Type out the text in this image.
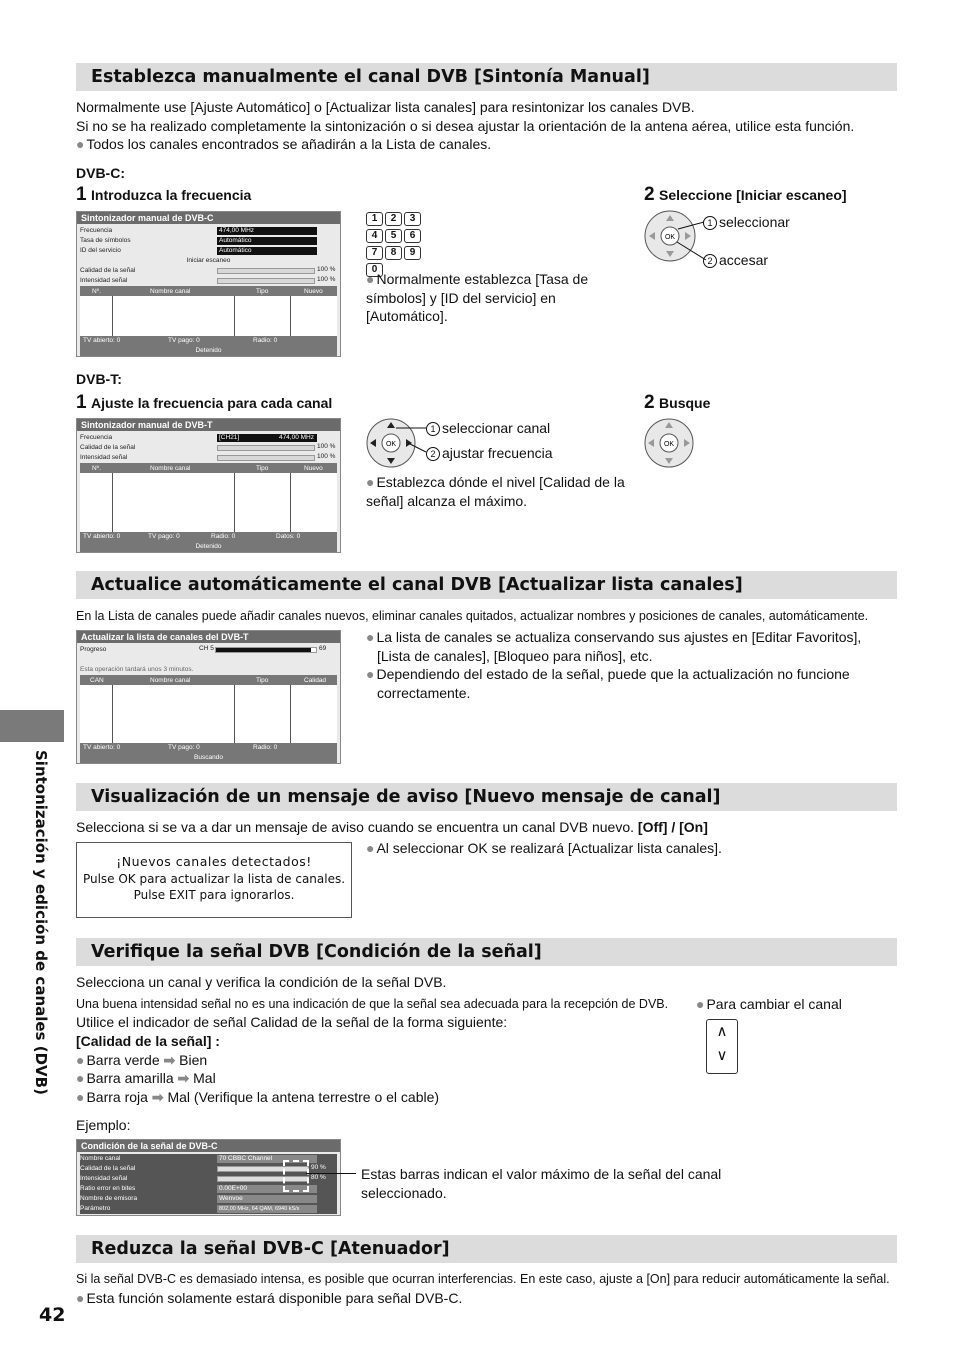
Establezca manualmente el canal DVB [Sintonía Manual]
Normalmente use [Ajuste Automático] o [Actualizar lista canales] para resintonizar los canales DVB.
Si no se ha realizado completamente la sintonización o si desea ajustar la orientación de la antena aérea, utilice esta función.
● Todos los canales encontrados se añadirán a la Lista de canales.
DVB-C:
1 Introduzca la frecuencia
Sintonizador manual de DVB-C
Frecuencia	474,00 MHz
Tasa de símbolos	Automático
ID del servicio	Automático
Iniciar escaneo
Calidad de la señal	100 %
Intensidad señal	100 %
Nº.	Nombre canal	Tipo	Nuevo
TV abierto: 0	TV pago: 0	Radio: 0
Detenido
1	2	3
4	5	6
7	8	9
0
● Normalmente establezca [Tasa de símbolos] y [ID del servicio] en [Automático].
2 Seleccione [Iniciar escaneo]
OK
1 seleccionar
2 accesar
DVB-T:
1 Ajuste la frecuencia para cada canal
Sintonizador manual de DVB-T
Frecuencia	[CH21]	474,00 MHz
Calidad de la señal	100 %
Intensidad señal	100 %
Nº.	Nombre canal	Tipo	Nuevo
TV abierto: 0	TV pago: 0	Radio: 0	Datos: 0
Detenido
OK
1 seleccionar canal
2 ajustar frecuencia
● Establezca dónde el nivel [Calidad de la señal] alcanza el máximo.
2 Busque
OK
Actualice automáticamente el canal DVB [Actualizar lista canales]
En la Lista de canales puede añadir canales nuevos, eliminar canales quitados, actualizar nombres y posiciones de canales, automáticamente.
Actualizar la lista de canales del DVB-T
Progreso	CH 5	69
Esta operación tardará unos 3 minutos.
CAN	Nombre canal	Tipo	Calidad
TV abierto: 0	TV pago: 0	Radio: 0
Buscando
● La lista de canales se actualiza conservando sus ajustes en [Editar Favoritos], [Lista de canales], [Bloqueo para niños], etc.
● Dependiendo del estado de la señal, puede que la actualización no funcione correctamente.
Sintonización y edición de canales (DVB)	Visualización de un mensaje de aviso [Nuevo mensaje de canal]
Selecciona si se va a dar un mensaje de aviso cuando se encuentra un canal DVB nuevo. [Off] / [On]
¡Nuevos canales detectados!
Pulse OK para actualizar la lista de canales.
Pulse EXIT para ignorarlos.
● Al seleccionar OK se realizará [Actualizar lista canales].
Verifique la señal DVB [Condición de la señal]
Selecciona un canal y verifica la condición de la señal DVB.
Una buena intensidad señal no es una indicación de que la señal sea adecuada para la recepción de DVB.
Utilice el indicador de señal Calidad de la señal de la forma siguiente:
[Calidad de la señal] :
● Barra verde ➡ Bien
● Barra amarilla ➡ Mal
● Barra roja ➡ Mal (Verifique la antena terrestre o el cable)
Ejemplo:
● Para cambiar el canal
∧
∨
Condición de la señal de DVB-C
Nombre canal	70 CBBC Channel
Calidad de la señal	90 %
Intensidad señal	80 %
Ratio error en bites	0.00E+00
Nombre de emisora	Wenvoe
Parámetro	802,00 MHz, 64 QAM, 6940 kS/s
Estas barras indican el valor máximo de la señal del canal seleccionado.
Reduzca la señal DVB-C [Atenuador]
Si la señal DVB-C es demasiado intensa, es posible que ocurran interferencias. En este caso, ajuste a [On] para reducir automáticamente la señal.
● Esta función solamente estará disponible para señal DVB-C.
42
